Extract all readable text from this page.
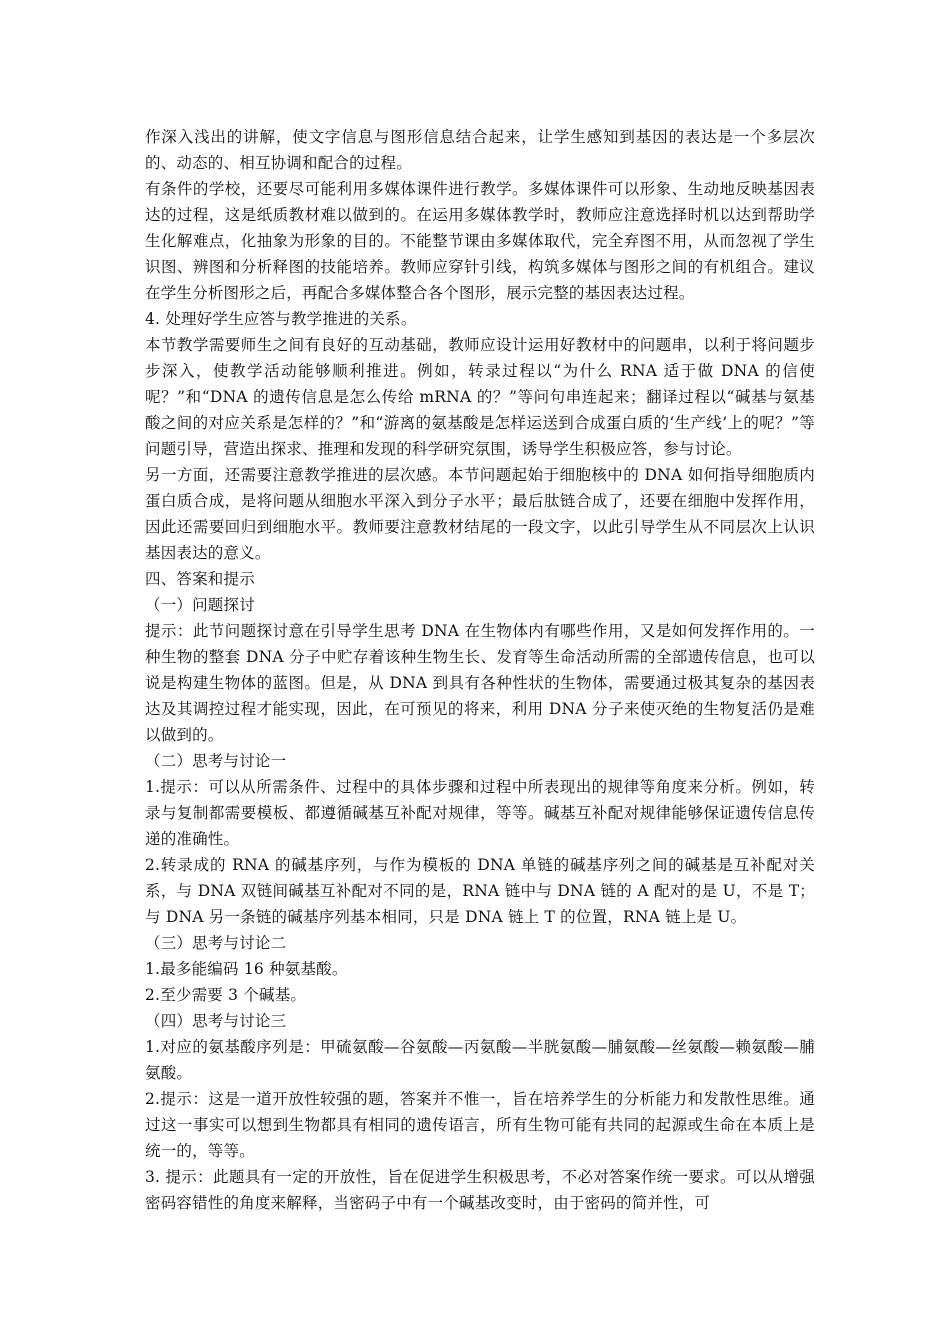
作深入浅出的讲解，使文字信息与图形信息结合起来，让学生感知到基因的表达是一个多层次的、动态的、相互协调和配合的过程。

有条件的学校，还要尽可能利用多媒体课件进行教学。多媒体课件可以形象、生动地反映基因表达的过程，这是纸质教材难以做到的。在运用多媒体教学时，教师应注意选择时机以达到帮助学生化解难点，化抽象为形象的目的。不能整节课由多媒体取代，完全弃图不用，从而忽视了学生识图、辨图和分析释图的技能培养。教师应穿针引线，构筑多媒体与图形之间的有机组合。建议在学生分析图形之后，再配合多媒体整合各个图形，展示完整的基因表达过程。

4. 处理好学生应答与教学推进的关系。

本节教学需要师生之间有良好的互动基础，教师应设计运用好教材中的问题串，以利于将问题步步深入，使教学活动能够顺利推进。例如，转录过程以“为什么 RNA 适于做 DNA 的信使呢？”和“DNA 的遗传信息是怎么传给 mRNA 的？”等问句串连起来；翻译过程以“碱基与氨基酸之间的对应关系是怎样的？”和“游离的氨基酸是怎样运送到合成蛋白质的‘生产线’上的呢？”等问题引导，营造出探求、推理和发现的科学研究氛围，诱导学生积极应答，参与讨论。

另一方面，还需要注意教学推进的层次感。本节问题起始于细胞核中的 DNA 如何指导细胞质内蛋白质合成，是将问题从细胞水平深入到分子水平；最后肽链合成了，还要在细胞中发挥作用，因此还需要回归到细胞水平。教师要注意教材结尾的一段文字，以此引导学生从不同层次上认识基因表达的意义。

四、答案和提示

（一）问题探讨

提示：此节问题探讨意在引导学生思考 DNA 在生物体内有哪些作用，又是如何发挥作用的。一种生物的整套 DNA 分子中贮存着该种生物生长、发育等生命活动所需的全部遗传信息，也可以说是构建生物体的蓝图。但是，从 DNA 到具有各种性状的生物体，需要通过极其复杂的基因表达及其调控过程才能实现，因此，在可预见的将来，利用 DNA 分子来使灭绝的生物复活仍是难以做到的。

（二）思考与讨论一

1.提示：可以从所需条件、过程中的具体步骤和过程中所表现出的规律等角度来分析。例如，转录与复制都需要模板、都遵循碱基互补配对规律，等等。碱基互补配对规律能够保证遗传信息传递的准确性。

2.转录成的 RNA 的碱基序列，与作为模板的 DNA 单链的碱基序列之间的碱基是互补配对关系，与 DNA 双链间碱基互补配对不同的是，RNA 链中与 DNA 链的 A 配对的是 U，不是 T；与 DNA 另一条链的碱基序列基本相同，只是 DNA 链上 T 的位置，RNA 链上是 U。

（三）思考与讨论二

1.最多能编码 16 种氨基酸。

2.至少需要 3 个碱基。

（四）思考与讨论三

1.对应的氨基酸序列是：甲硫氨酸—谷氨酸—丙氨酸—半胱氨酸—脯氨酸—丝氨酸—赖氨酸—脯氨酸。

2.提示：这是一道开放性较强的题，答案并不惟一，旨在培养学生的分析能力和发散性思维。通过这一事实可以想到生物都具有相同的遗传语言，所有生物可能有共同的起源或生命在本质上是统一的，等等。

3. 提示：此题具有一定的开放性，旨在促进学生积极思考，不必对答案作统一要求。可以从增强密码容错性的角度来解释，当密码子中有一个碱基改变时，由于密码的简并性，可
